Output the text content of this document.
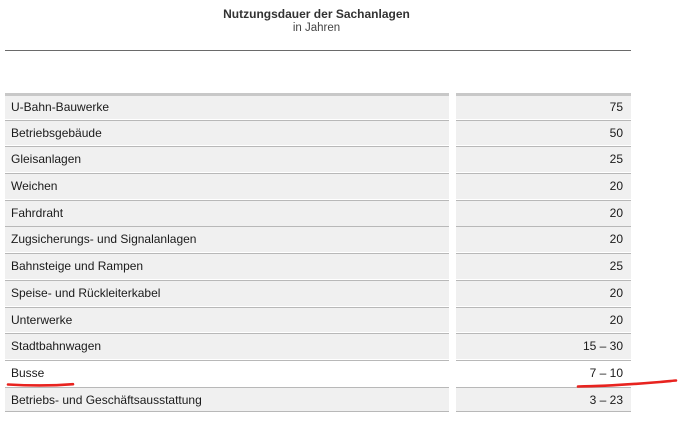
Nutzungsdauer der Sachanlagen
in Jahren
U-Bahn-Bauwerke	75
Betriebsgebäude	50
Gleisanlagen	25
Weichen	20
Fahrdraht	20
Zugsicherungs- und Signalanlagen	20
Bahnsteige und Rampen	25
Speise- und Rückleiterkabel	20
Unterwerke	20
Stadtbahnwagen	15 – 30
Busse	7 – 10
Betriebs- und Geschäftsausstattung	3 – 23
